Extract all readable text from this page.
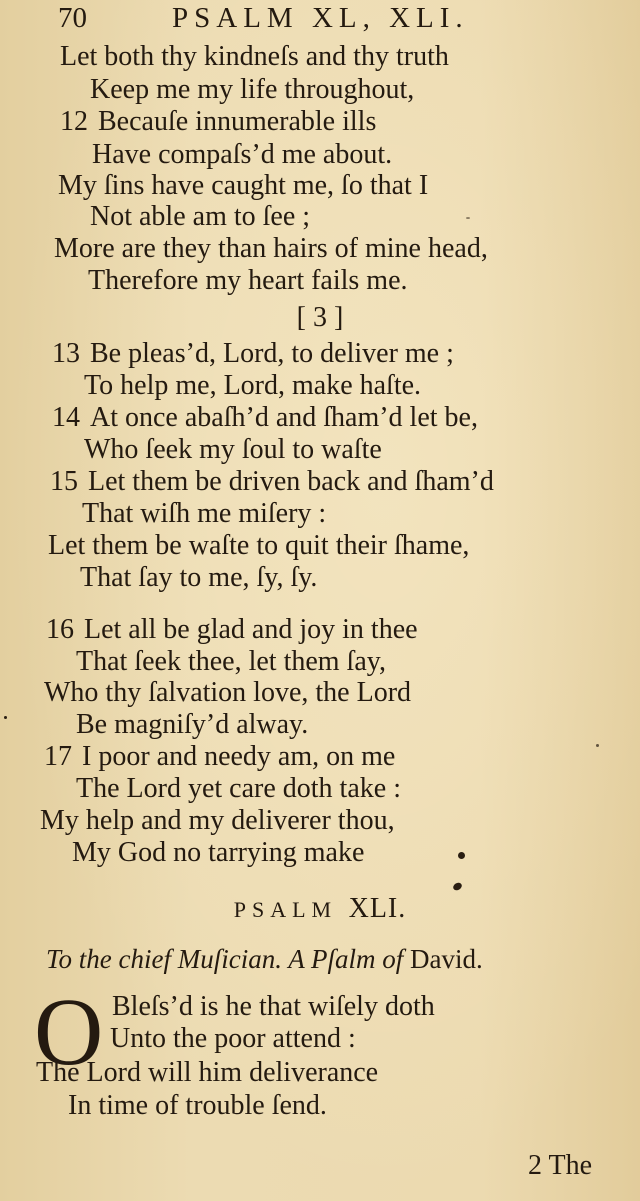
70	PSALM XL, XLI.
Let both thy kindneſs and thy truth
Keep me my life throughout,
12 Becauſe innumerable ills
Have compaſs’d me about.
My ſins have caught me, ſo that I
Not able am to ſee ;
More are they than hairs of mine head,
Therefore my heart fails me.
[ 3 ]
13 Be pleas’d, Lord, to deliver me ;
To help me, Lord, make haſte.
14 At once abaſh’d and ſham’d let be,
Who ſeek my ſoul to waſte
15 Let them be driven back and ſham’d
That wiſh me miſery :
Let them be waſte to quit their ſhame,
That ſay to me, ſy, ſy.
16 Let all be glad and joy in thee
That ſeek thee, let them ſay,
Who thy ſalvation love, the Lord
Be magniſy’d alway.
17 I poor and needy am, on me
The Lord yet care doth take :
My help and my deliverer thou,
My God no tarrying make
PSALM XLI.
To the chief Muſician. A Pſalm of David.
O Bleſs’d is he that wiſely doth
Unto the poor attend :
The Lord will him deliverance
In time of trouble ſend.
2 The
